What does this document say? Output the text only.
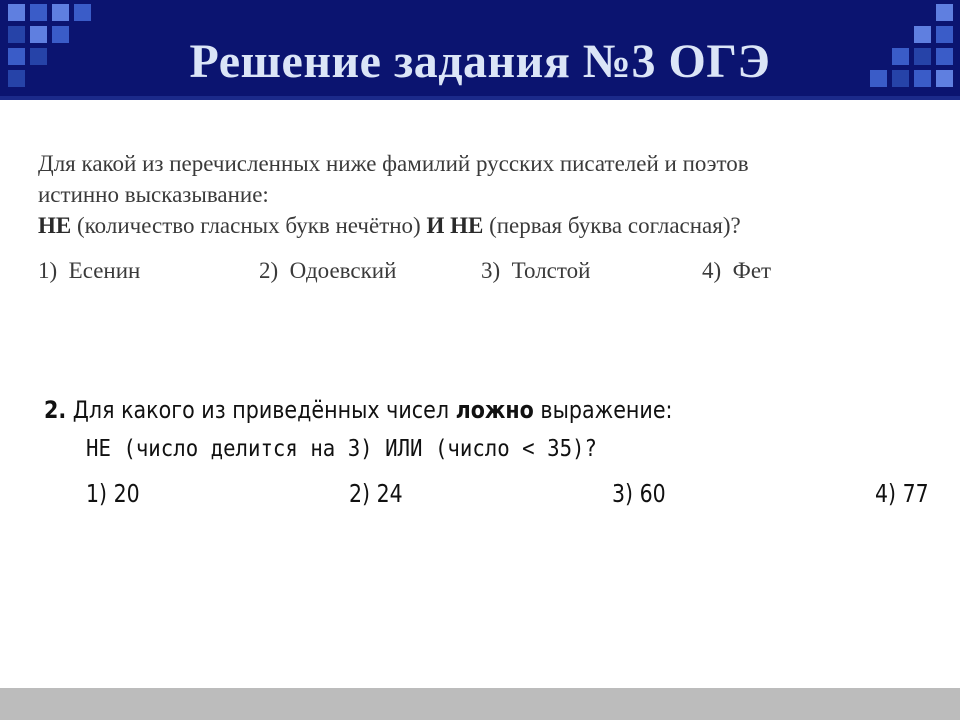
Решение задания №3 ОГЭ
Для какой из перечисленных ниже фамилий русских писателей и поэтов
истинно высказывание:
НЕ (количество гласных букв нечётно) И НЕ (первая буква согласная)?
1) Есенин	2) Одоевский	3) Толстой	4) Фет
2. Для какого из приведённых чисел ложно выражение:
НЕ (число делится на 3) ИЛИ (число < 35)?
1) 20	2) 24	3) 60	4) 77
